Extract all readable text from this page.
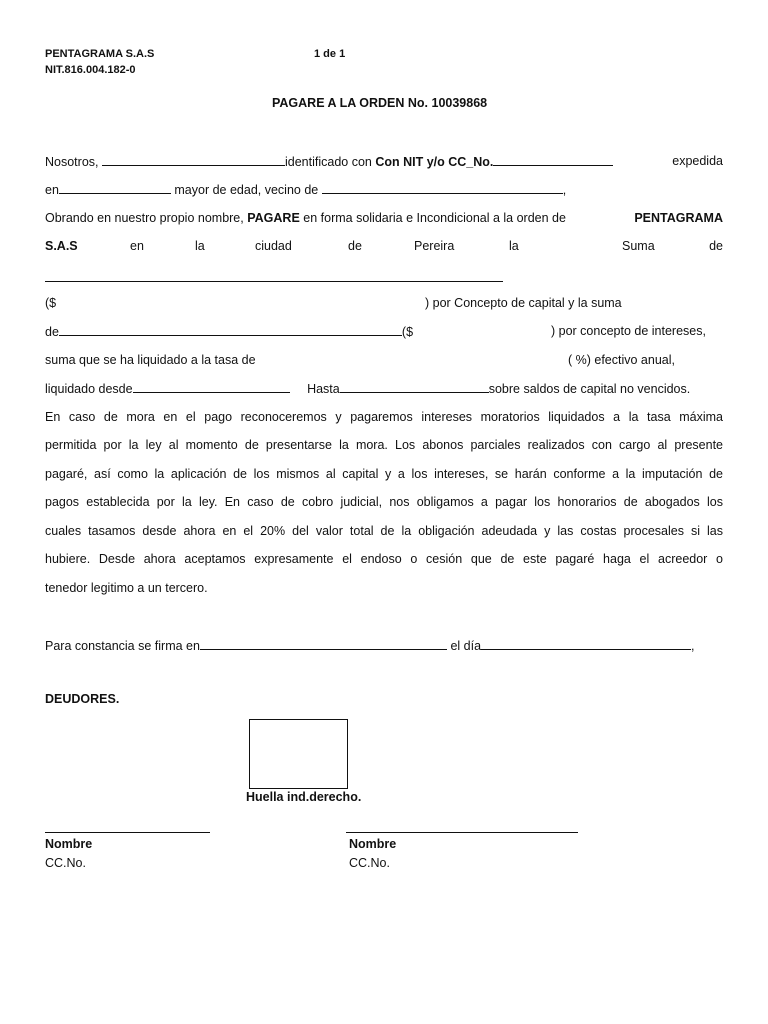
PENTAGRAMA S.A.S
NIT.816.004.182-0
1 de 1
PAGARE A LA ORDEN No. 10039868
Nosotros,	identificado con Con NIT y/o CC_No.	expedida
en	mayor de edad, vecino de	,
Obrando en nuestro propio nombre, PAGARE en forma solidaria e Incondicional a la orden de	PENTAGRAMA
S.A.S	en	la	ciudad	de	Pereira	la	Suma	de
($	) por Concepto de capital y la suma
de	($	) por concepto de intereses,
suma que se ha liquidado a la tasa de	( %) efectivo anual,
liquidado desde	Hasta	sobre saldos de capital no vencidos.
En caso de mora en el pago reconoceremos y pagaremos intereses moratorios liquidados a la tasa máxima
permitida por la ley al momento de presentarse la mora. Los abonos parciales realizados con cargo al presente
pagaré, así como la aplicación de los mismos al capital y a los intereses, se harán conforme a la imputación de
pagos establecida por la ley. En caso de cobro judicial, nos obligamos a pagar los honorarios de abogados los
cuales tasamos desde ahora en el 20% del valor total de la obligación adeudada y las costas procesales si las
hubiere. Desde ahora aceptamos expresamente el endoso o cesión que de este pagaré haga el acreedor o
tenedor legitimo a un tercero.
Para constancia se firma en	el día	,
DEUDORES.
Huella ind.derecho.
Nombre
CC.No.
Nombre
CC.No.
